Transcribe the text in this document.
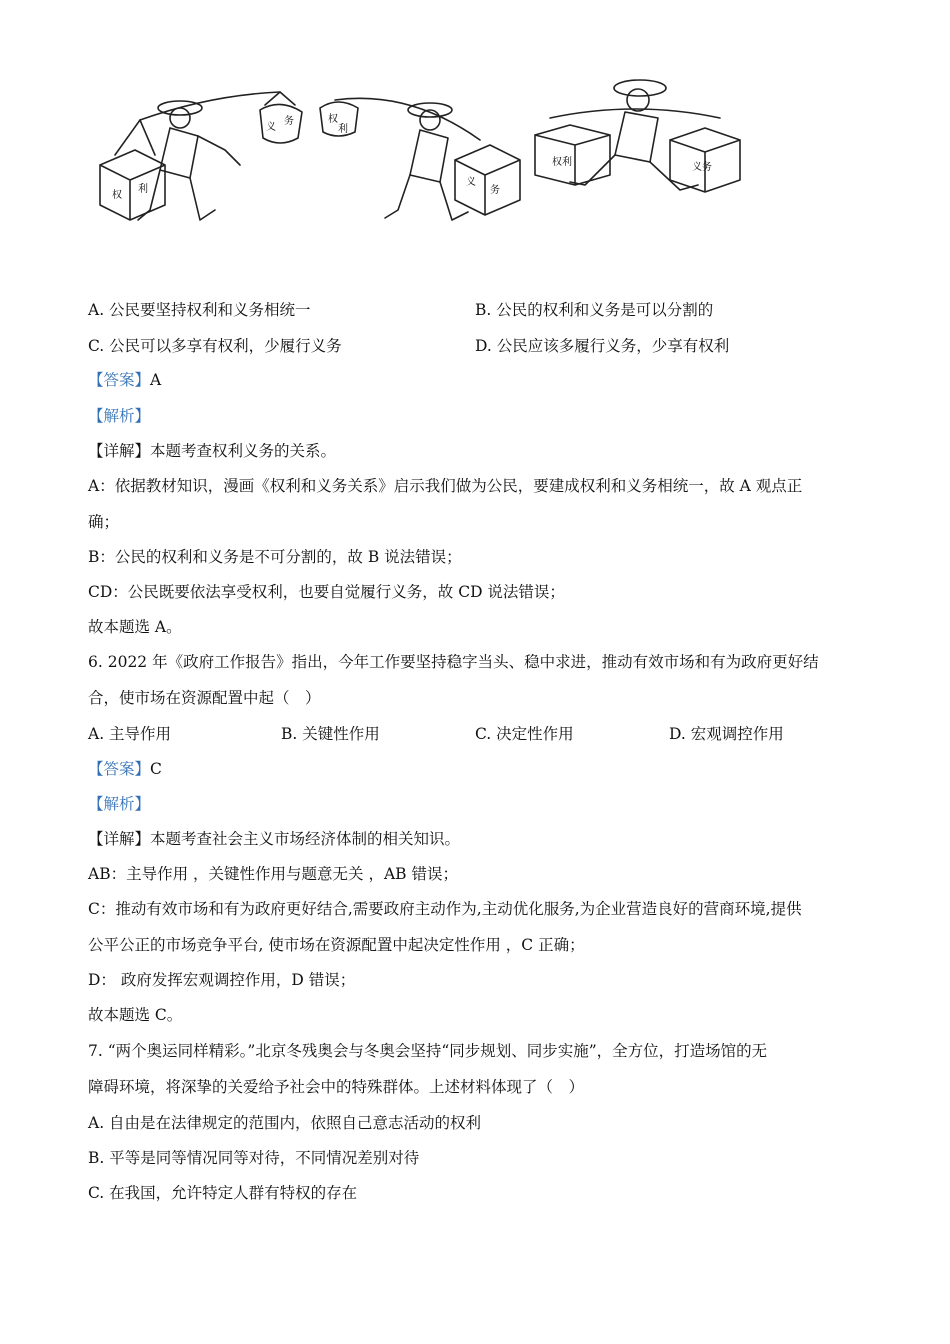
权
利
义
务	权
利
义
务
权利	义务
A. 公民要坚持权利和义务相统一	B. 公民的权利和义务是可以分割的
C. 公民可以多享有权利，少履行义务	D. 公民应该多履行义务，少享有权利
【答案】A
【解析】
【详解】本题考查权利义务的关系。
A：依据教材知识，漫画《权利和义务关系》启示我们做为公民，要建成权利和义务相统一，故 A 观点正
确；
B：公民的权利和义务是不可分割的，故 B 说法错误；
CD：公民既要依法享受权利，也要自觉履行义务，故 CD 说法错误；
故本题选 A。
6. 2022 年《政府工作报告》指出，今年工作要坚持稳字当头、稳中求进，推动有效市场和有为政府更好结
合，使市场在资源配置中起（　）
A. 主导作用	B. 关键性作用	C. 决定性作用	D. 宏观调控作用
【答案】C
【解析】
【详解】本题考查社会主义市场经济体制的相关知识。
AB：主导作用 ，关键性作用与题意无关 ，AB 错误；
C：推动有效市场和有为政府更好结合,需要政府主动作为,主动优化服务,为企业营造良好的营商环境,提供
公平公正的市场竞争平台, 使市场在资源配置中起决定性作用 ，C 正确；
D： 政府发挥宏观调控作用，D 错误；
故本题选 C。
7. “两个奥运同样精彩。”北京冬残奥会与冬奥会坚持“同步规划、同步实施”，全方位，打造场馆的无
障碍环境，将深挚的关爱给予社会中的特殊群体。上述材料体现了（　）
A. 自由是在法律规定的范围内，依照自己意志活动的权利
B. 平等是同等情况同等对待，不同情况差别对待
C. 在我国，允许特定人群有特权的存在
